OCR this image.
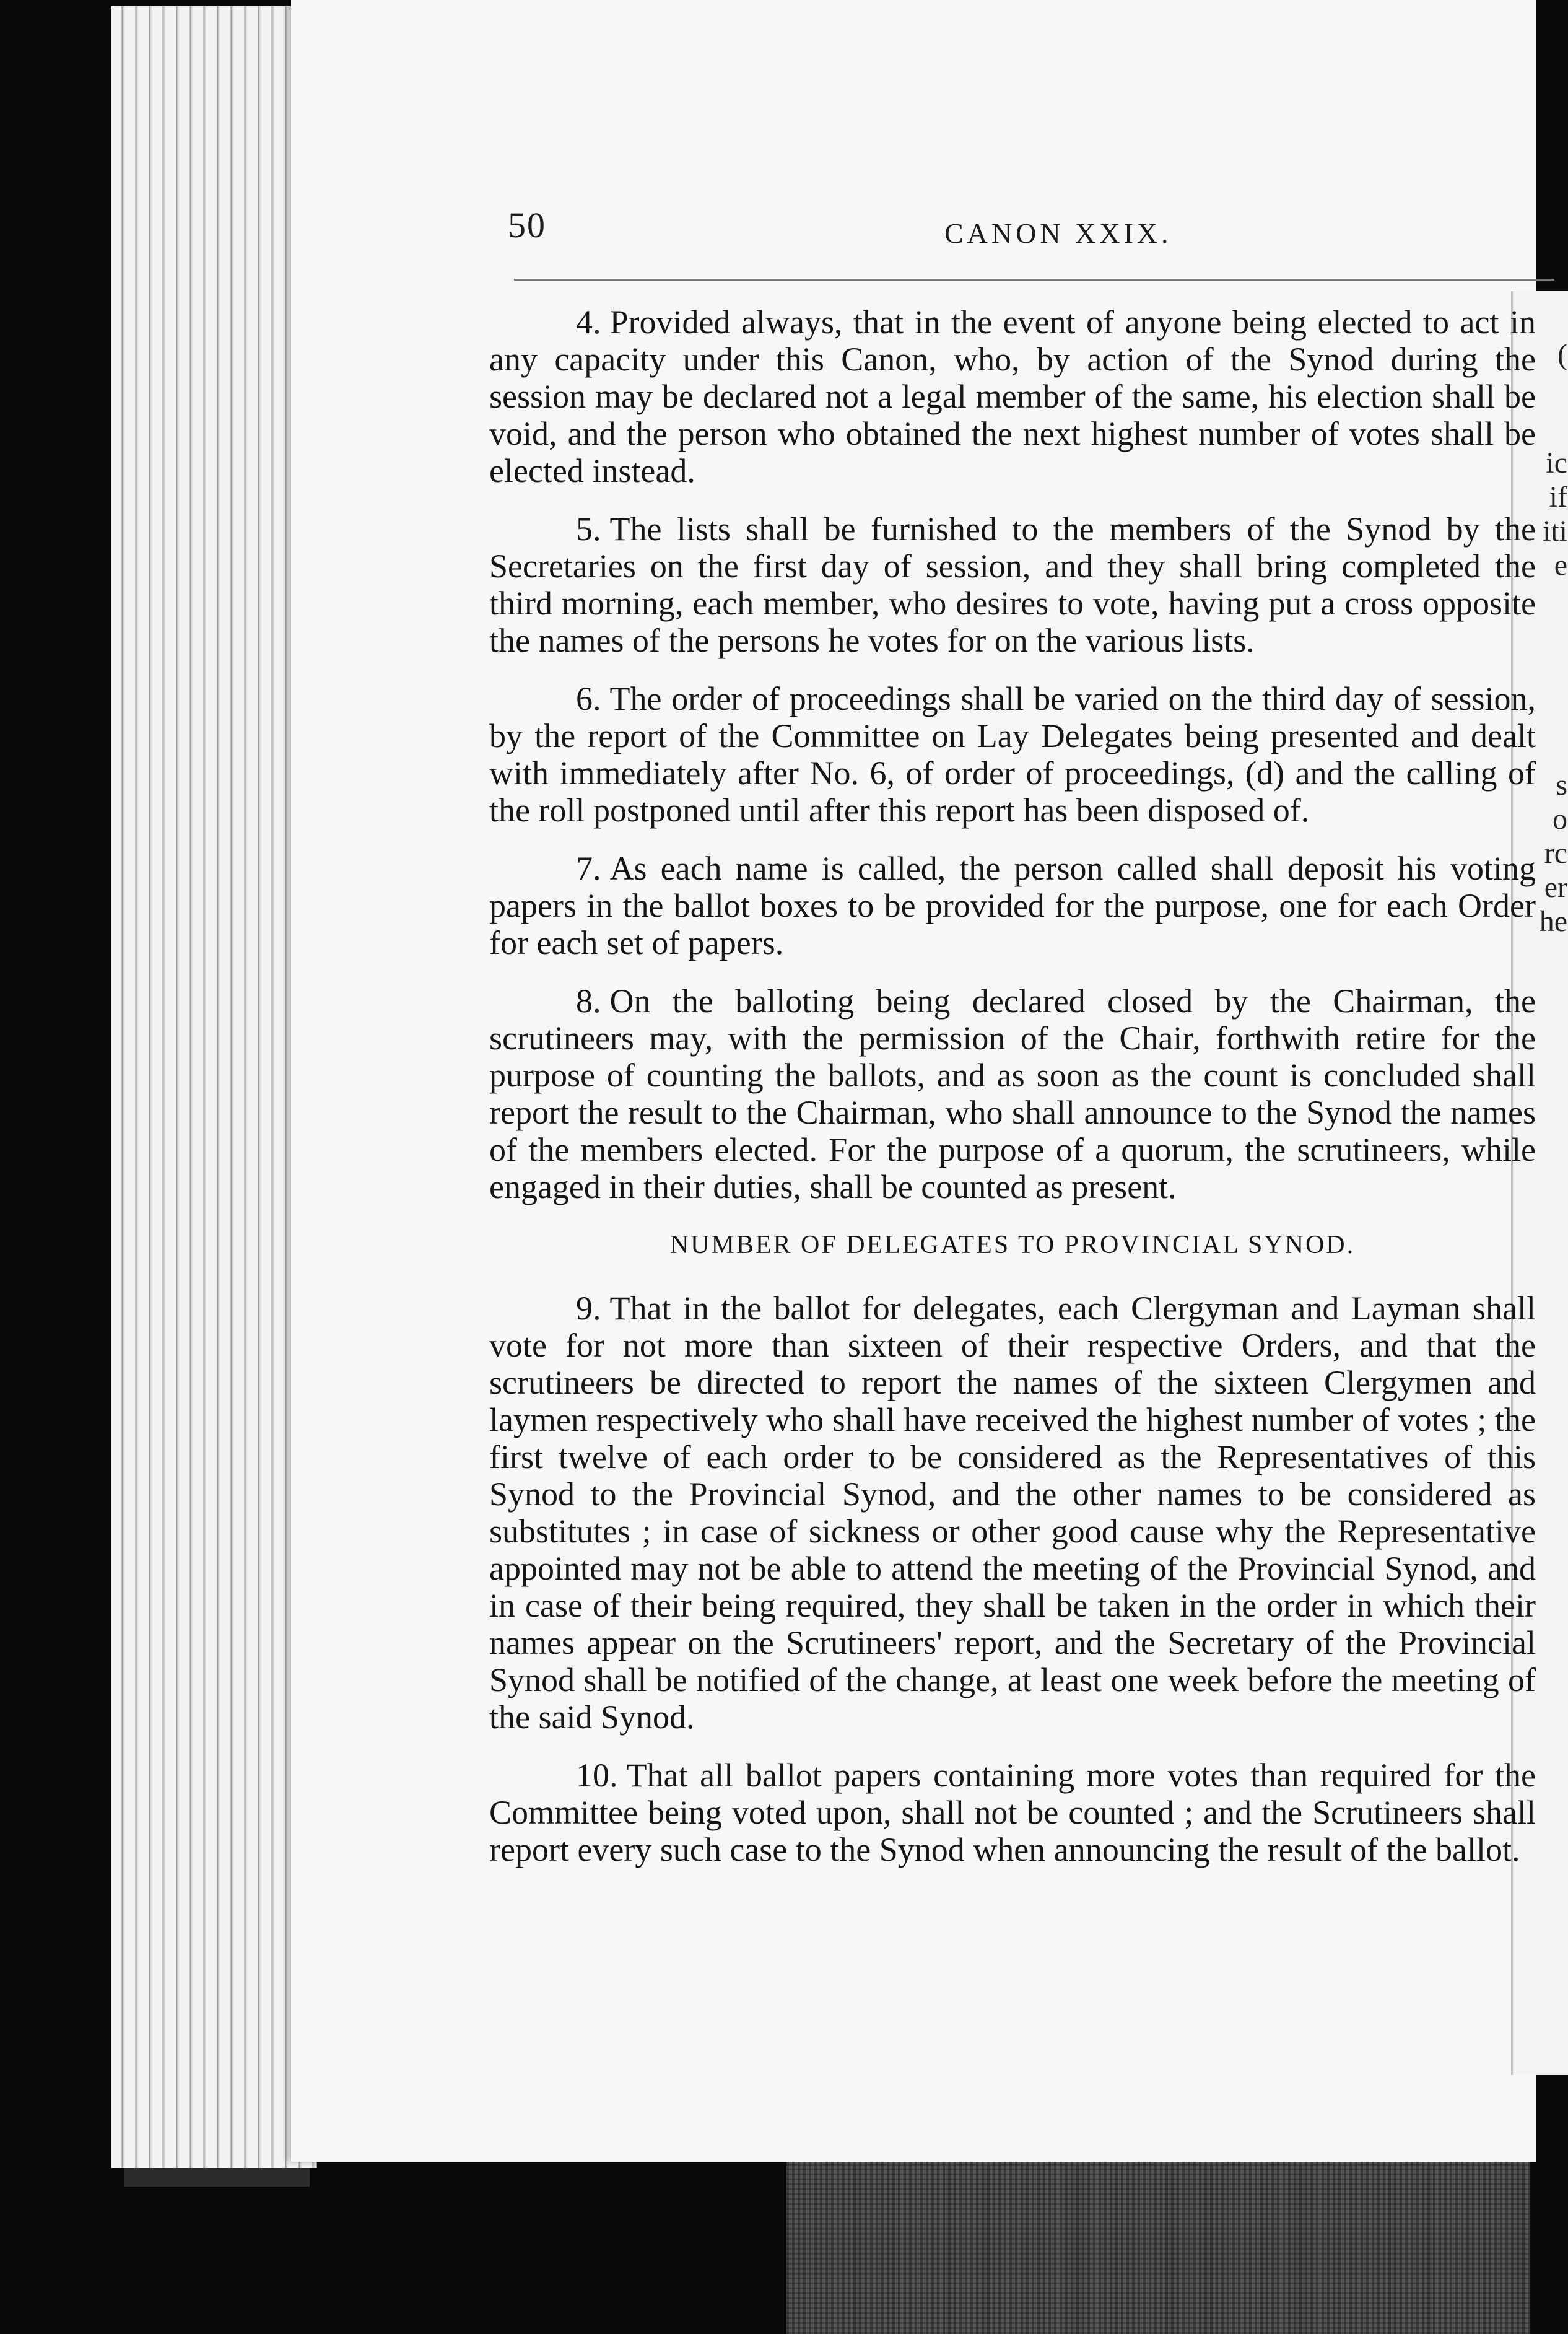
(
ic
if
iti
e
s
o
rc
er
he
50	CANON XXIX.

4. Provided always, that in the event of anyone being elected to act in any capacity under this Canon, who, by action of the Synod during the session may be declared not a legal member of the same, his election shall be void, and the person who obtained the next highest number of votes shall be elected instead.

5. The lists shall be furnished to the members of the Synod by the Secretaries on the first day of session, and they shall bring completed the third morning, each member, who desires to vote, having put a cross opposite the names of the persons he votes for on the various lists.

6. The order of proceedings shall be varied on the third day of session, by the report of the Committee on Lay Delegates being presented and dealt with immediately after No. 6, of order of proceedings, (d) and the calling of the roll postponed until after this report has been disposed of.

7. As each name is called, the person called shall deposit his voting papers in the ballot boxes to be provided for the purpose, one for each Order for each set of papers.

8. On the balloting being declared closed by the Chairman, the scrutineers may, with the permission of the Chair, forthwith retire for the purpose of counting the ballots, and as soon as the count is concluded shall report the result to the Chairman, who shall announce to the Synod the names of the members elected. For the purpose of a quorum, the scrutineers, while engaged in their duties, shall be counted as present.

NUMBER OF DELEGATES TO PROVINCIAL SYNOD.

9. That in the ballot for delegates, each Clergyman and Layman shall vote for not more than sixteen of their respective Orders, and that the scrutineers be directed to report the names of the sixteen Clergymen and laymen respectively who shall have received the highest number of votes ; the first twelve of each order to be considered as the Representatives of this Synod to the Provincial Synod, and the other names to be considered as substitutes ; in case of sickness or other good cause why the Representative appointed may not be able to attend the meeting of the Provincial Synod, and in case of their being required, they shall be taken in the order in which their names appear on the Scrutineers' report, and the Secretary of the Provincial Synod shall be notified of the change, at least one week before the meeting of the said Synod.

10. That all ballot papers containing more votes than required for the Committee being voted upon, shall not be counted ; and the Scrutineers shall report every such case to the Synod when announcing the result of the ballot.
